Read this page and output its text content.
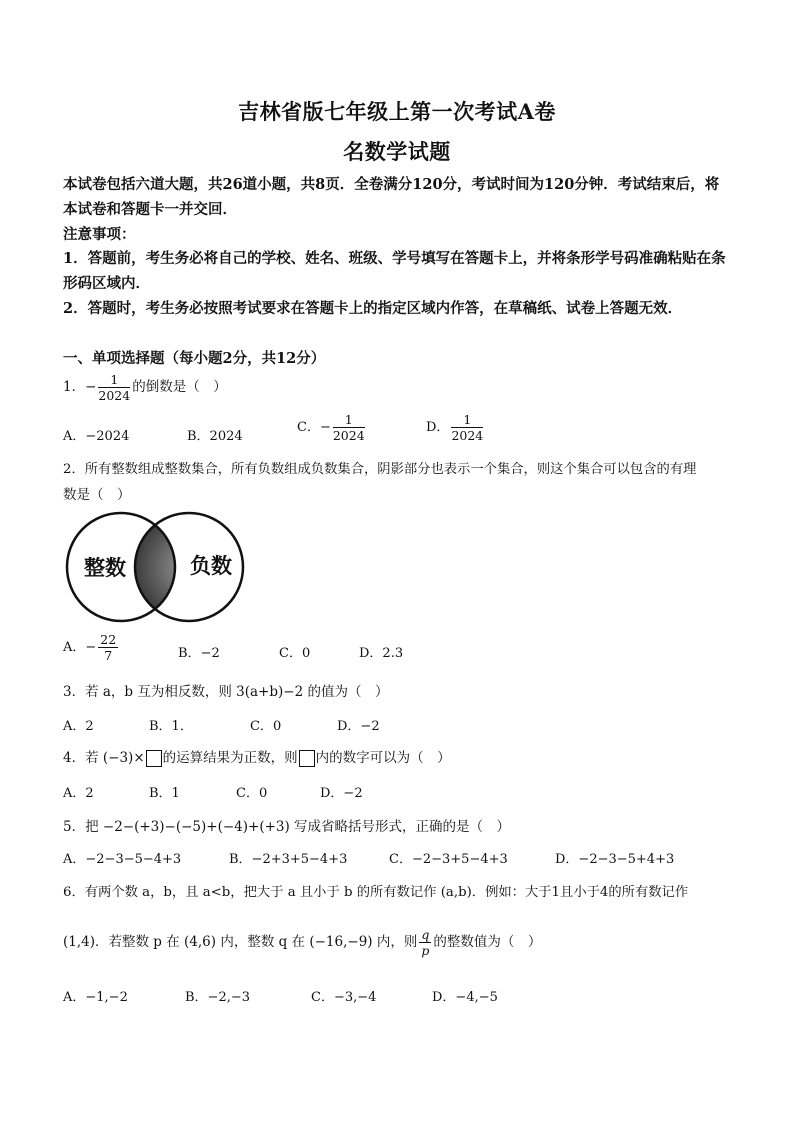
吉林省版七年级上第一次考试A卷
名数学试题
本试卷包括六道大题，共26道小题，共8页．全卷满分120分，考试时间为120分钟．考试结束后，将本试卷和答题卡一并交回．
注意事项：
1．答题前，考生务必将自己的学校、姓名、班级、学号填写在答题卡上，并将条形学号码准确粘贴在条形码区域内．
2．答题时，考生务必按照考试要求在答题卡上的指定区域内作答，在草稿纸、试卷上答题无效．
一、单项选择题（每小题2分，共12分）
1．− $\frac{1}{2024}$ 的倒数是（　）
A．−2024	B．2024
C．− $\frac{1}{2024}$	D． $\frac{1}{2024}$
2．所有整数组成整数集合，所有负数组成负数集合，阴影部分也表示一个集合，则这个集合可以包含的有理
数是（　）
整数	负数
A．− $\frac{22}{7}$	B．−2	C．0	D．2.3
3．若 a，b 互为相反数，则 3(a+b)−2 的值为（　）
A．2	B．1．	C．0	D．−2
4．若 (−3)× 的运算结果为正数，则 内的数字可以为（　）
A．2	B．1	C．0	D．−2
5．把 −2−(+3)−(−5)+(−4)+(+3) 写成省略括号形式，正确的是（　）
A．−2−3−5−4+3	B．−2+3+5−4+3	C．−2−3+5−4+3	D．−2−3−5+4+3
6．有两个数 a，b，且 a<b，把大于 a 且小于 b 的所有数记作 (a,b)．例如：大于1且小于4的所有数记作
(1,4)．若整数 p 在 (4,6) 内，整数 q 在 (−16,−9) 内，则 $\frac{q}{p}$ 的整数值为（　）
A．−1,−2	B．−2,−3	C．−3,−4	D．−4,−5
